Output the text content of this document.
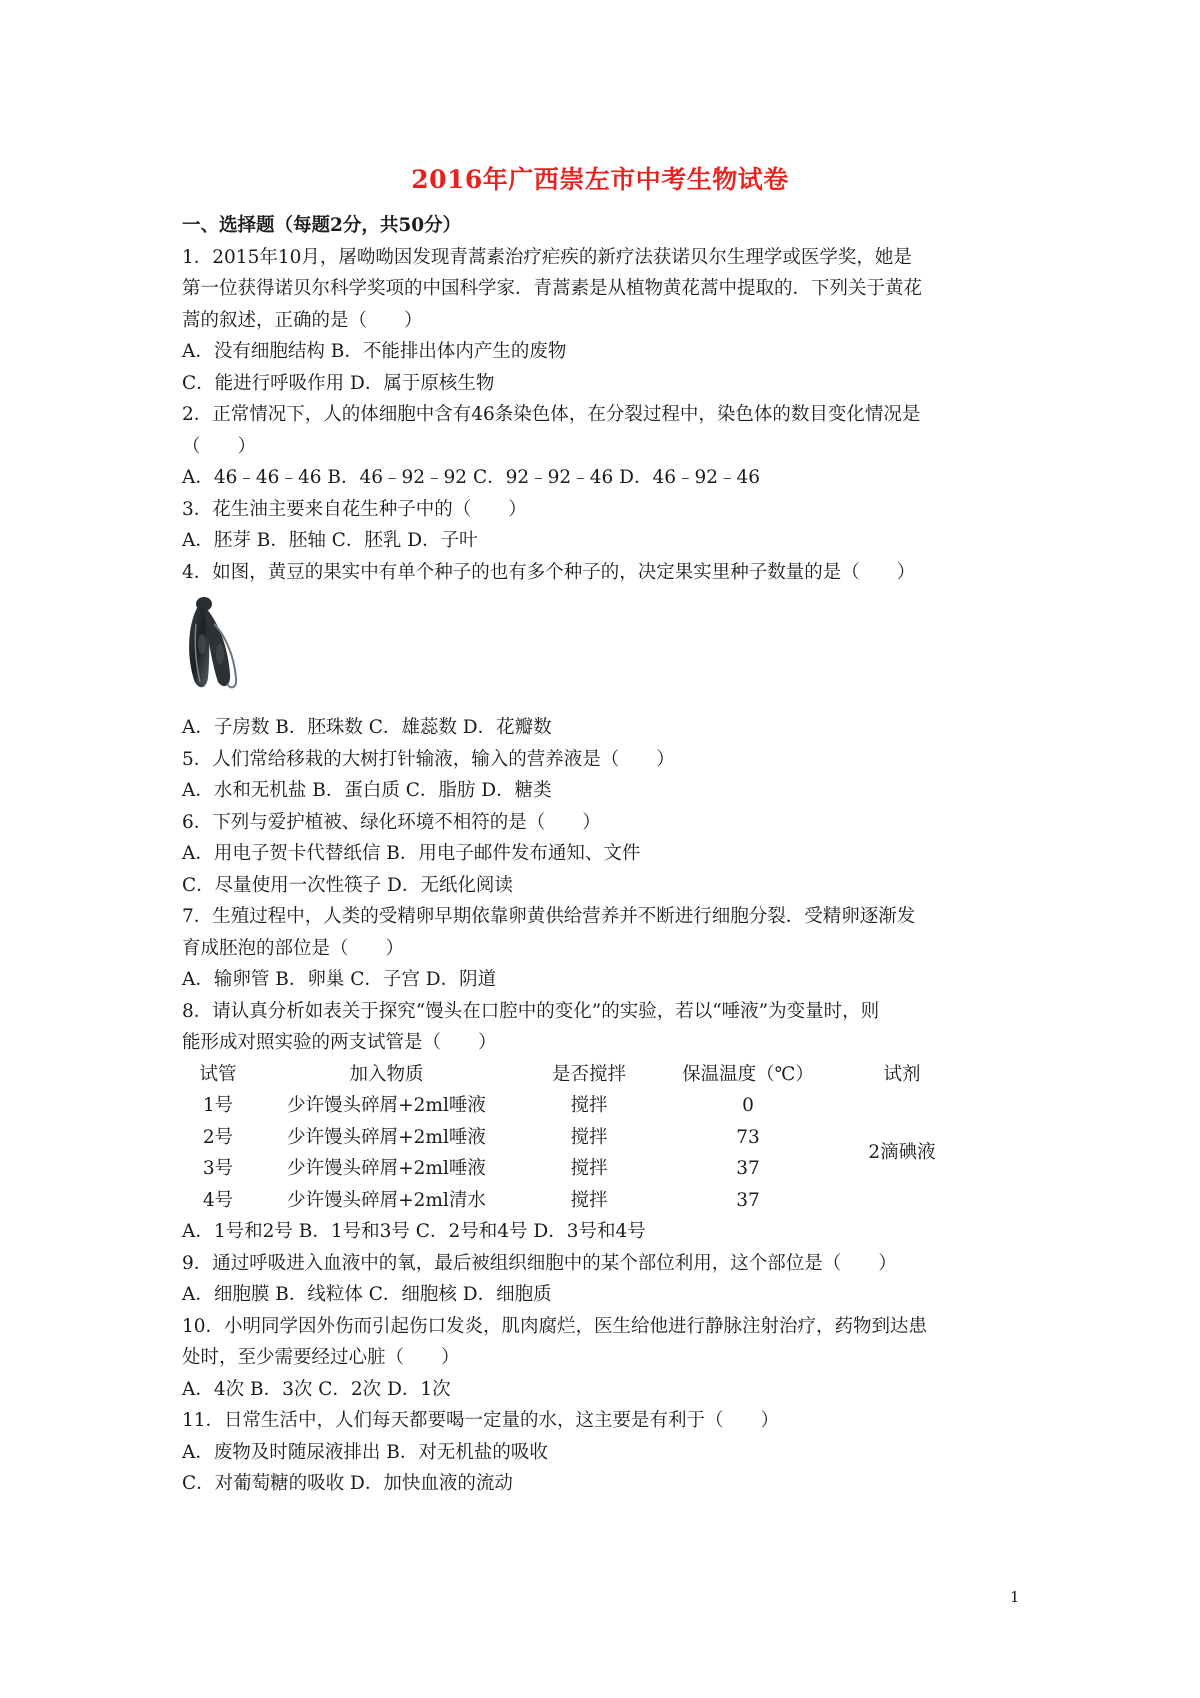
2016年广西崇左市中考生物试卷
一、选择题（每题2分，共50分）
1．2015年10月，屠呦呦因发现青蒿素治疗疟疾的新疗法获诺贝尔生理学或医学奖，她是
第一位获得诺贝尔科学奖项的中国科学家．青蒿素是从植物黄花蒿中提取的．下列关于黄花
蒿的叙述，正确的是（　　）
A．没有细胞结构 B．不能排出体内产生的废物
C．能进行呼吸作用 D．属于原核生物
2．正常情况下，人的体细胞中含有46条染色体，在分裂过程中，染色体的数目变化情况是
（　　）
A．46﹣46﹣46 B．46﹣92﹣92 C．92﹣92﹣46 D．46﹣92﹣46
3．花生油主要来自花生种子中的（　　）
A．胚芽 B．胚轴 C．胚乳 D．子叶
4．如图，黄豆的果实中有单个种子的也有多个种子的，决定果实里种子数量的是（　　）
A．子房数 B．胚珠数 C．雄蕊数 D．花瓣数
5．人们常给移栽的大树打针输液，输入的营养液是（　　）
A．水和无机盐 B．蛋白质 C．脂肪 D．糖类
6．下列与爱护植被、绿化环境不相符的是（　　）
A．用电子贺卡代替纸信 B．用电子邮件发布通知、文件
C．尽量使用一次性筷子 D．无纸化阅读
7．生殖过程中，人类的受精卵早期依靠卵黄供给营养并不断进行细胞分裂．受精卵逐渐发
育成胚泡的部位是（　　）
A．输卵管 B．卵巢 C．子宫 D．阴道
8．请认真分析如表关于探究“馒头在口腔中的变化”的实验，若以“唾液”为变量时，则
能形成对照实验的两支试管是（　　）
试管	加入物质	是否搅拌	保温温度（℃）	试剂
1号	少许馒头碎屑+2ml唾液	搅拌	0	2滴碘液
2号	少许馒头碎屑+2ml唾液	搅拌	73	
3号	少许馒头碎屑+2ml唾液	搅拌	37	
4号	少许馒头碎屑+2ml清水	搅拌	37	
A．1号和2号 B．1号和3号 C．2号和4号 D．3号和4号
9．通过呼吸进入血液中的氧，最后被组织细胞中的某个部位利用，这个部位是（　　）
A．细胞膜 B．线粒体 C．细胞核 D．细胞质
10．小明同学因外伤而引起伤口发炎，肌肉腐烂，医生给他进行静脉注射治疗，药物到达患
处时，至少需要经过心脏（　　）
A．4次 B．3次 C．2次 D．1次
11．日常生活中，人们每天都要喝一定量的水，这主要是有利于（　　）
A．废物及时随尿液排出 B．对无机盐的吸收
C．对葡萄糖的吸收 D．加快血液的流动
1
